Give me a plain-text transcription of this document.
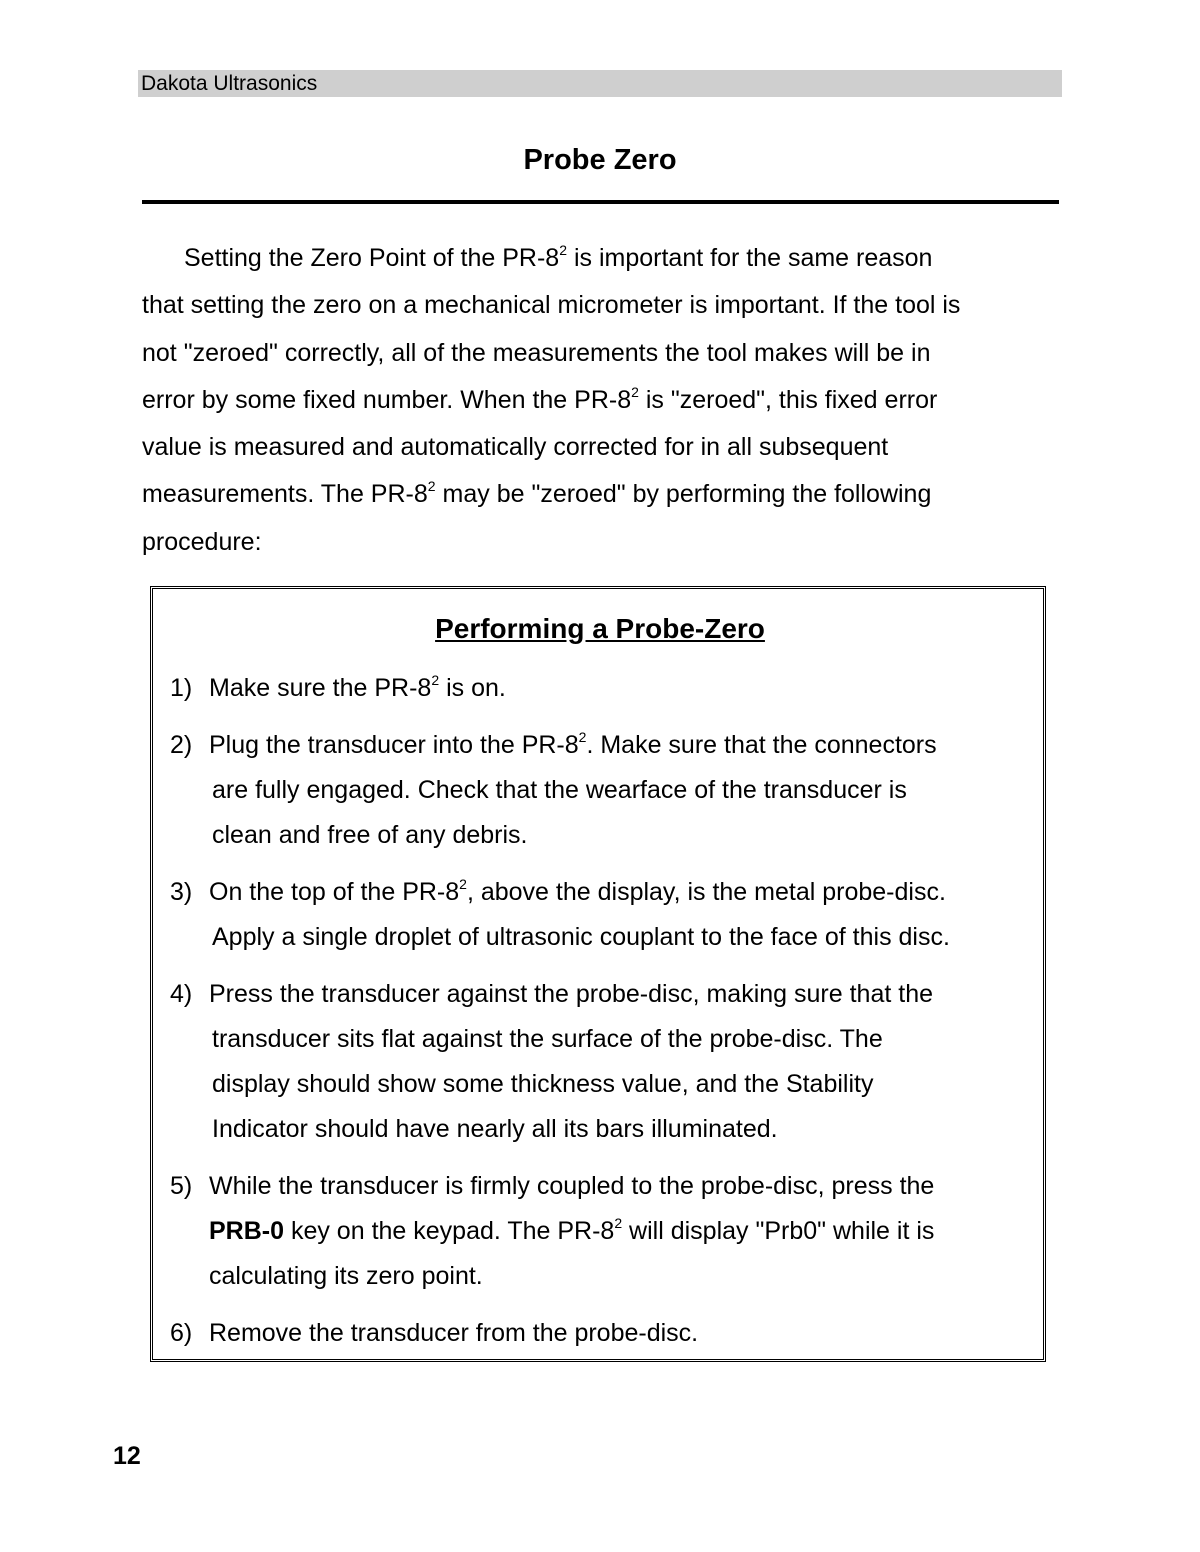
Dakota Ultrasonics
Probe Zero
Setting the Zero Point of the $PR-8^2$ is important for the same reason
that setting the zero on a mechanical micrometer is important. If the tool is
not "zeroed" correctly, all of the measurements the tool makes will be in
error by some fixed number. When the $PR-8^2$ is "zeroed", this fixed error
value is measured and automatically corrected for in all subsequent
measurements. The $PR-8^2$ may be "zeroed" by performing the following
procedure:
Performing a Probe-Zero
1) Make sure the $PR-8^2$ is on.
2) Plug the transducer into the $PR-8^2$. Make sure that the connectors
are fully engaged. Check that the wearface of the transducer is
clean and free of any debris.
3) On the top of the $PR-8^2$, above the display, is the metal probe-disc.
Apply a single droplet of ultrasonic couplant to the face of this disc.
4) Press the transducer against the probe-disc, making sure that the
transducer sits flat against the surface of the probe-disc. The
display should show some thickness value, and the Stability
Indicator should have nearly all its bars illuminated.
5) While the transducer is firmly coupled to the probe-disc, press the
PRB-0 key on the keypad. The $PR-8^2$ will display "Prb0" while it is
calculating its zero point.
6) Remove the transducer from the probe-disc.
12
